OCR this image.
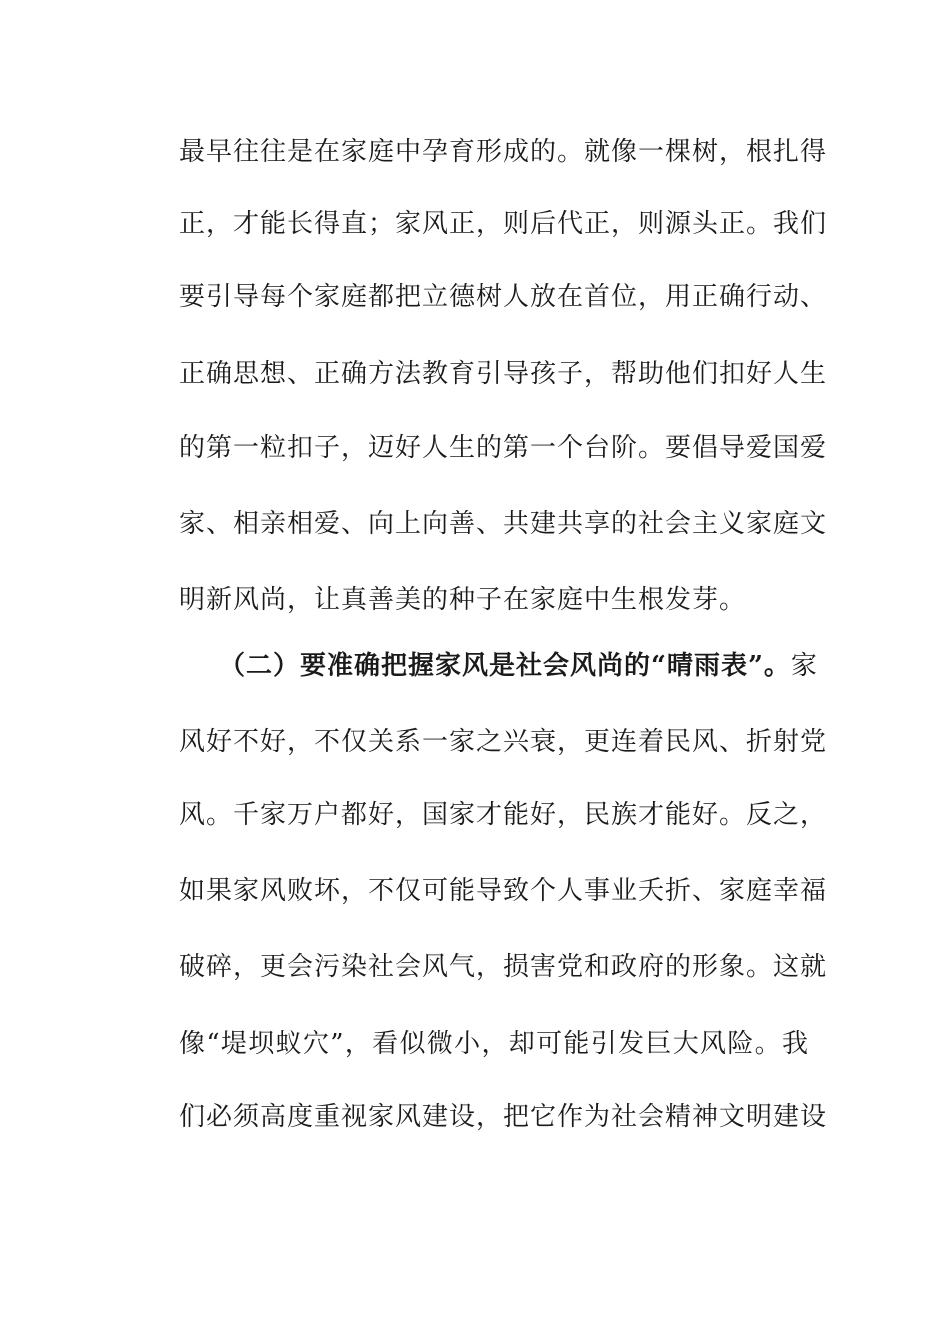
最早往往是在家庭中孕育形成的。就像一棵树，根扎得
正，才能长得直；家风正，则后代正，则源头正。我们
要引导每个家庭都把立德树人放在首位，用正确行动、
正确思想、正确方法教育引导孩子，帮助他们扣好人生
的第一粒扣子，迈好人生的第一个台阶。要倡导爱国爱
家、相亲相爱、向上向善、共建共享的社会主义家庭文
明新风尚，让真善美的种子在家庭中生根发芽。
（二）要准确把握家风是社会风尚的“晴雨表”。家
风好不好，不仅关系一家之兴衰，更连着民风、折射党
风。千家万户都好，国家才能好，民族才能好。反之，
如果家风败坏，不仅可能导致个人事业夭折、家庭幸福
破碎，更会污染社会风气，损害党和政府的形象。这就
像“堤坝蚁穴”，看似微小，却可能引发巨大风险。我
们必须高度重视家风建设，把它作为社会精神文明建设
